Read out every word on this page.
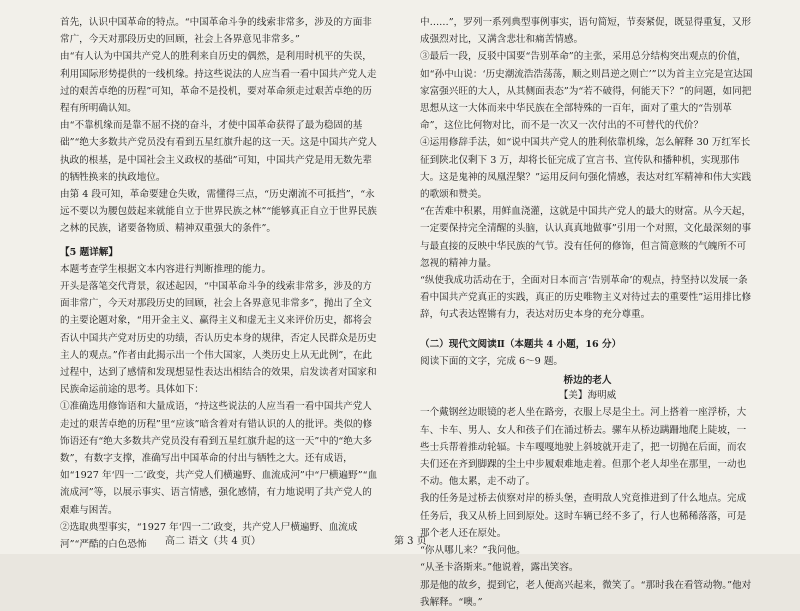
首先，认识中国革命的特点。“中国革命斗争的线索非常多，涉及的方面非常广，今天对那段历史的回顾，社会上各界意见非常多。”

由“有人认为中国共产党人的胜利来自历史的偶然，是利用时机平的失误，利用国际形势提供的一线机缘。持这些说法的人应当看一看中国共产党人走过的艰苦卓绝的历程”可知，革命不是投机，要对革命须走过艰苦卓绝的历程有所明确认知。

由“不靠机缘而是靠不屈不挠的奋斗，才使中国革命获得了最为稳固的基础”“绝大多数共产党员没有看到五星红旗升起的这一天。这是中国共产党人执政的根基，是中国社会主义政权的基础”可知，中国共产党是用无数先辈的牺牲换来的执政地位。

由第 4 段可知，革命要建仓失败，需懂得三点，“历史潮流不可抵挡”，“永远不要以为腰包鼓起来就能自立于世界民族之林”“能够真正自立于世界民族之林的民族，诸要备物质、精神双重强大的条件”。

【5 题详解】

本题考查学生根据文本内容进行判断推理的能力。

开头是落笔交代背景，叙述起因，“中国革命斗争的线索非常多，涉及的方面非常广，今天对那段历史的回顾，社会上各界意见非常多”，抛出了全文的主要论题对象，“用开金主义、赢得主义和虚无主义来评价历史，都将会否认中国共产党对历史的功绩，否认历史本身的规律，否定人民群众是历史主人的观点。”作者由此揭示出一个伟大国家，人类历史上从无此例”，在此过程中，达到了感情和发现想显性表达出相结合的效果，启发读者对国家和民族命运前途的思考。具体如下：

①准确选用修饰语和大量成语，“持这些说法的人应当看一看中国共产党人走过的艰苦卓绝的历程”里“应该”暗含着对有错认识的人的批评。类似的修饰语还有“绝大多数共产党员没有看到五星红旗升起的这一天”中的“绝大多数”，有数字支撑，准确写出中国革命的付出与牺牲之大。还有成语，如“1927 年‘四一二’政变，共产党人们横遍野、血流成河”中“尸横遍野”“血流成河”等，以展示事实、语言情感，强化感情，有力地说明了共产党人的艰难与困苦。

②选取典型事实，“1927 年‘四一二’政变，共产党人尸横遍野、血流成河”“严酷的白色恐怖

中……”，罗列一系列典型事例事实，语句简短，节奏紧促，既显得重复，又形成强烈对比，又满含悲壮和痛苦情感。

③最后一段，反驳中国要“告别革命”的主张，采用总分结构突出观点的价值，如“孙中山说：‘历史潮流浩浩荡荡，顺之则昌逆之则亡’”以为首主立完是宣达国家富强兴旺的大人，从其侧面表态”为“若不破得，何能天下？”的问题，如同把思想从这一大体而来中华民族在全部特殊的一百年，面对了重大的“告别革命”，这位比何物对比，而不是一次又一次付出的不可替代的代价？

④运用修辞手法，如“说中国共产党人的胜利依靠机缘，怎么解释 30 万红军长征到陕北仅剩下 3 万，却将长征完成了宣言书、宣传队和播种机，实现那伟大。这是鬼神的凤凰涅槃？”运用反问句强化情感，表达对红军精神和伟大实践的歌颂和赞美。

“在苦难中积累，用鲜血浇灌，这就是中国共产党人的最大的财富。从今天起，一定要保持完全清醒的头脑，认认真真地做事”引用一个对照，文化最深刻的事与最直接的反映中华民族的气节。没有任何的修饰，但言简意赅的气魄所不可忽视的精神力量。

“纵使我成功活动在于，全面对日本而言‘告别革命’的观点，持坚持以发展一条看中国共产党真正的实践，真正的历史唯物主义对待过去的重要性”运用排比修辞，句式表达铿锵有力，表达对历史本身的充分尊重。

（二）现代文阅读Ⅱ（本题共 4 小题，16 分）

阅读下面的文字，完成 6～9 题。

桥边的老人

【美】海明威

一个戴钢丝边眼镜的老人坐在路旁，衣服上尽是尘土。河上搭着一座浮桥，大车、卡车、男人、女人和孩子们在涌过桥去。骡车从桥边蹒跚地爬上陡坡，一些士兵帮着推动轮辐。卡车嘎嘎地驶上斜坡就开走了，把一切抛在后面，而农夫们还在齐到脚踝的尘土中步履艰难地走着。但那个老人却坐在那里，一动也不动。他太累，走不动了。

我的任务是过桥去侦察对岸的桥头堡，查明敌人究竟推进到了什么地点。完成任务后，我又从桥上回到原处。这时车辆已经不多了，行人也稀稀落落，可是那个老人还在原处。

“你从哪儿来？”我问他。

“从圣卡洛斯来。”他说着，露出笑容。

那是他的故乡，提到它，老人便高兴起来，微笑了。“那时我在看管动物。”他对我解释。“噢。”

高二 语文（共 4 页）	第 3 页
